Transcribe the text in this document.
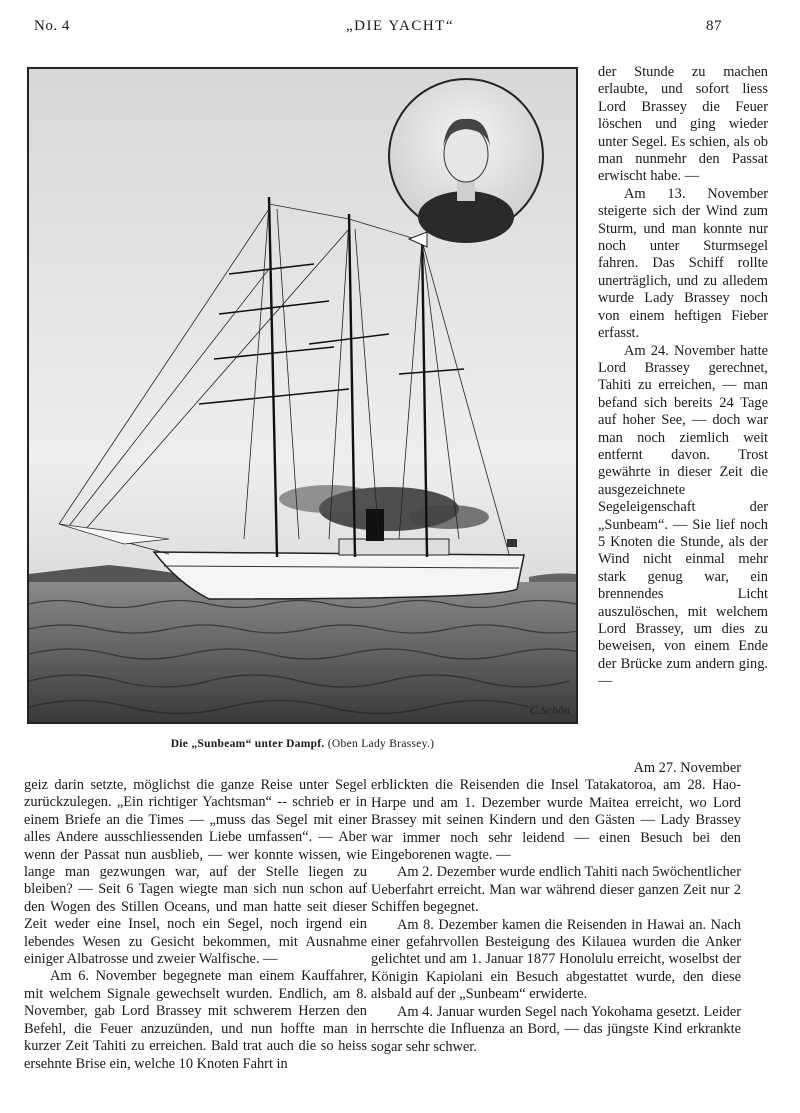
No. 4	„DIE YACHT“	87
C.Schön
Die „Sunbeam“ unter Dampf. (Oben Lady Brassey.)

der Stunde zu machen erlaubte, und sofort liess Lord Brassey die Feuer löschen und ging wieder unter Segel. Es schien, als ob man nunmehr den Passat erwischt habe. —

Am 13. November steigerte sich der Wind zum Sturm, und man konnte nur noch unter Sturmsegel fahren. Das Schiff rollte unerträglich, und zu alledem wurde Lady Brassey noch von einem heftigen Fieber erfasst.

Am 24. November hatte Lord Brassey gerechnet, Tahiti zu erreichen, — man befand sich bereits 24 Tage auf hoher See, — doch war man noch ziemlich weit entfernt davon. Trost gewährte in dieser Zeit die ausgezeichnete Segeleigenschaft der „Sunbeam“. — Sie lief noch 5 Knoten die Stunde, als der Wind nicht einmal mehr stark genug war, ein brennendes Licht auszulöschen, mit welchem Lord Brassey, um dies zu beweisen, von einem Ende der Brücke zum andern ging. —

geiz darin setzte, möglichst die ganze Reise unter Segel zurückzulegen. „Ein richtiger Yachtsman“ -- schrieb er in einem Briefe an die Times — „muss das Segel mit einer alles Andere ausschliessenden Liebe umfassen“. — Aber wenn der Passat nun ausblieb, — wer konnte wissen, wie lange man gezwungen war, auf der Stelle liegen zu bleiben? — Seit 6 Tagen wiegte man sich nun schon auf den Wogen des Stillen Oceans, und man hatte seit dieser Zeit weder eine Insel, noch ein Segel, noch irgend ein lebendes Wesen zu Gesicht bekommen, mit Ausnahme einiger Albatrosse und zweier Walfische. —

Am 6. November begegnete man einem Kauffahrer, mit welchem Signale gewechselt wurden. Endlich, am 8. November, gab Lord Brassey mit schwerem Herzen den Befehl, die Feuer anzuzünden, und nun hoffte man in kurzer Zeit Tahiti zu erreichen. Bald trat auch die so heiss ersehnte Brise ein, welche 10 Knoten Fahrt in

Am 27. November

erblickten die Reisenden die Insel Tatakatoroa, am 28. Hao-Harpe und am 1. Dezember wurde Maitea erreicht, wo Lord Brassey mit seinen Kindern und den Gästen — Lady Brassey war immer noch sehr leidend — einen Besuch bei den Eingeborenen wagte. —

Am 2. Dezember wurde endlich Tahiti nach 5wöchentlicher Ueberfahrt erreicht. Man war während dieser ganzen Zeit nur 2 Schiffen begegnet.

Am 8. Dezember kamen die Reisenden in Hawai an. Nach einer gefahrvollen Besteigung des Kilauea wurden die Anker gelichtet und am 1. Januar 1877 Honolulu erreicht, woselbst der Königin Kapiolani ein Besuch abgestattet wurde, den diese alsbald auf der „Sunbeam“ erwiderte.

Am 4. Januar wurden Segel nach Yokohama gesetzt. Leider herrschte die Influenza an Bord, — das jüngste Kind erkrankte sogar sehr schwer.
